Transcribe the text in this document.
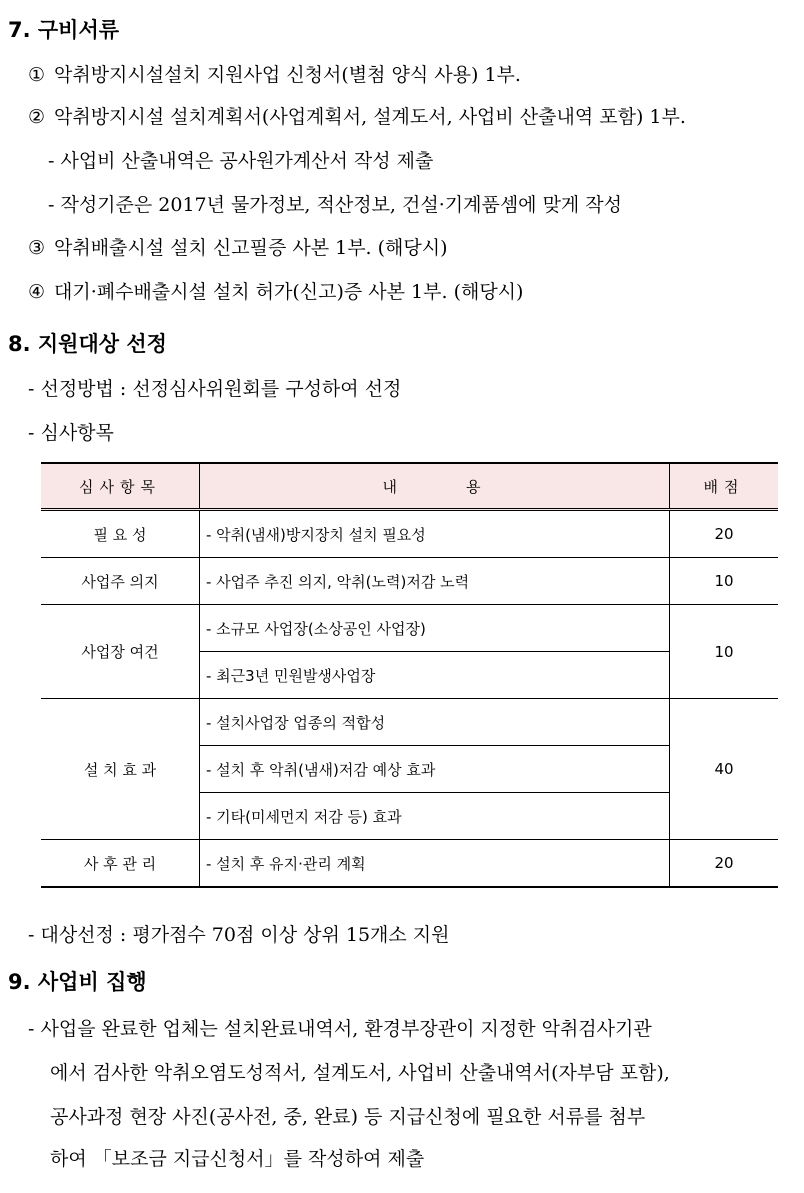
7. 구비서류
① 악취방지시설설치 지원사업 신청서(별첨 양식 사용) 1부.
② 악취방지시설 설치계획서(사업계획서, 설계도서, 사업비 산출내역 포함) 1부.
- 사업비 산출내역은 공사원가계산서 작성 제출
- 작성기준은 2017년 물가정보, 적산정보, 건설·기계품셈에 맞게 작성
③ 악취배출시설 설치 신고필증 사본 1부. (해당시)
④ 대기·폐수배출시설 설치 허가(신고)증 사본 1부. (해당시)
8. 지원대상 선정
- 선정방법 : 선정심사위원회를 구성하여 선정
- 심사항목
심사항목	내　　　용	배점
필 요 성	- 악취(냄새)방지장치 설치 필요성	20
사업주 의지	- 사업주 추진 의지, 악취(노력)저감 노력	10
사업장 여건	- 소규모 사업장(소상공인 사업장)	10
	- 최근3년 민원발생사업장	
설 치 효 과	- 설치사업장 업종의 적합성	40
	- 설치 후 악취(냄새)저감 예상 효과	
	- 기타(미세먼지 저감 등) 효과	
사 후 관 리	- 설치 후 유지·관리 계획	20
- 대상선정 : 평가점수 70점 이상 상위 15개소 지원
9. 사업비 집행
- 사업을 완료한 업체는 설치완료내역서, 환경부장관이 지정한 악취검사기관
에서 검사한 악취오염도성적서, 설계도서, 사업비 산출내역서(자부담 포함),
공사과정 현장 사진(공사전, 중, 완료) 등 지급신청에 필요한 서류를 첨부
하여 「보조금 지급신청서」를 작성하여 제출
